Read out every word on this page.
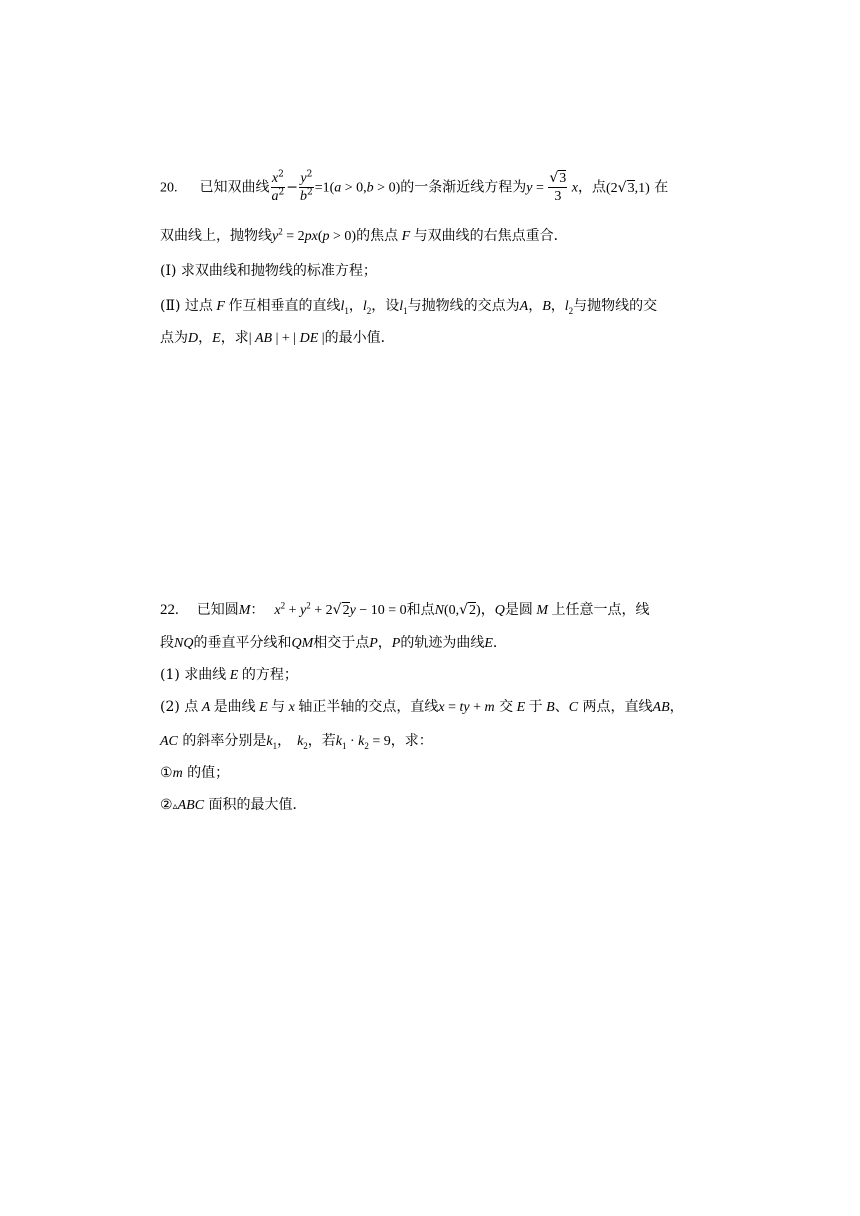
20. 已知双曲线 $\frac{x^2}{a^2} - \frac{y^2}{b^2} =1(a > 0,b > 0)$的一条渐近线方程为$y = \frac{√3}{3}$ x，点(2√3,1) 在
双曲线上，抛物线$y^2 = 2px(p > 0)$的焦点 F 与双曲线的右焦点重合．
(Ⅰ) 求双曲线和抛物线的标准方程；
(Ⅱ) 过点 F 作互相垂直的直线$l_1$，$l_2$，设$l_1$与抛物线的交点为A，B，$l_2$与抛物线的交
点为D，E，求| AB | + | DE |的最小值．
22. 已知圆M： $x^2 + y^2 + 2√2y - 10 = 0$和点N(0,√2)，Q是圆 M 上任意一点，线
段NQ的垂直平分线和QM相交于点P，P的轨迹为曲线E．
(1) 求曲线 E 的方程；
(2) 点 A 是曲线 E 与 x 轴正半轴的交点，直线x = ty + m 交 E 于 B、C 两点，直线AB，
AC 的斜率分别是$k_1$， $k_2$，若$k_1 \cdot k_2 = 9$，求：
①m 的值；
②▵ABC 面积的最大值．
